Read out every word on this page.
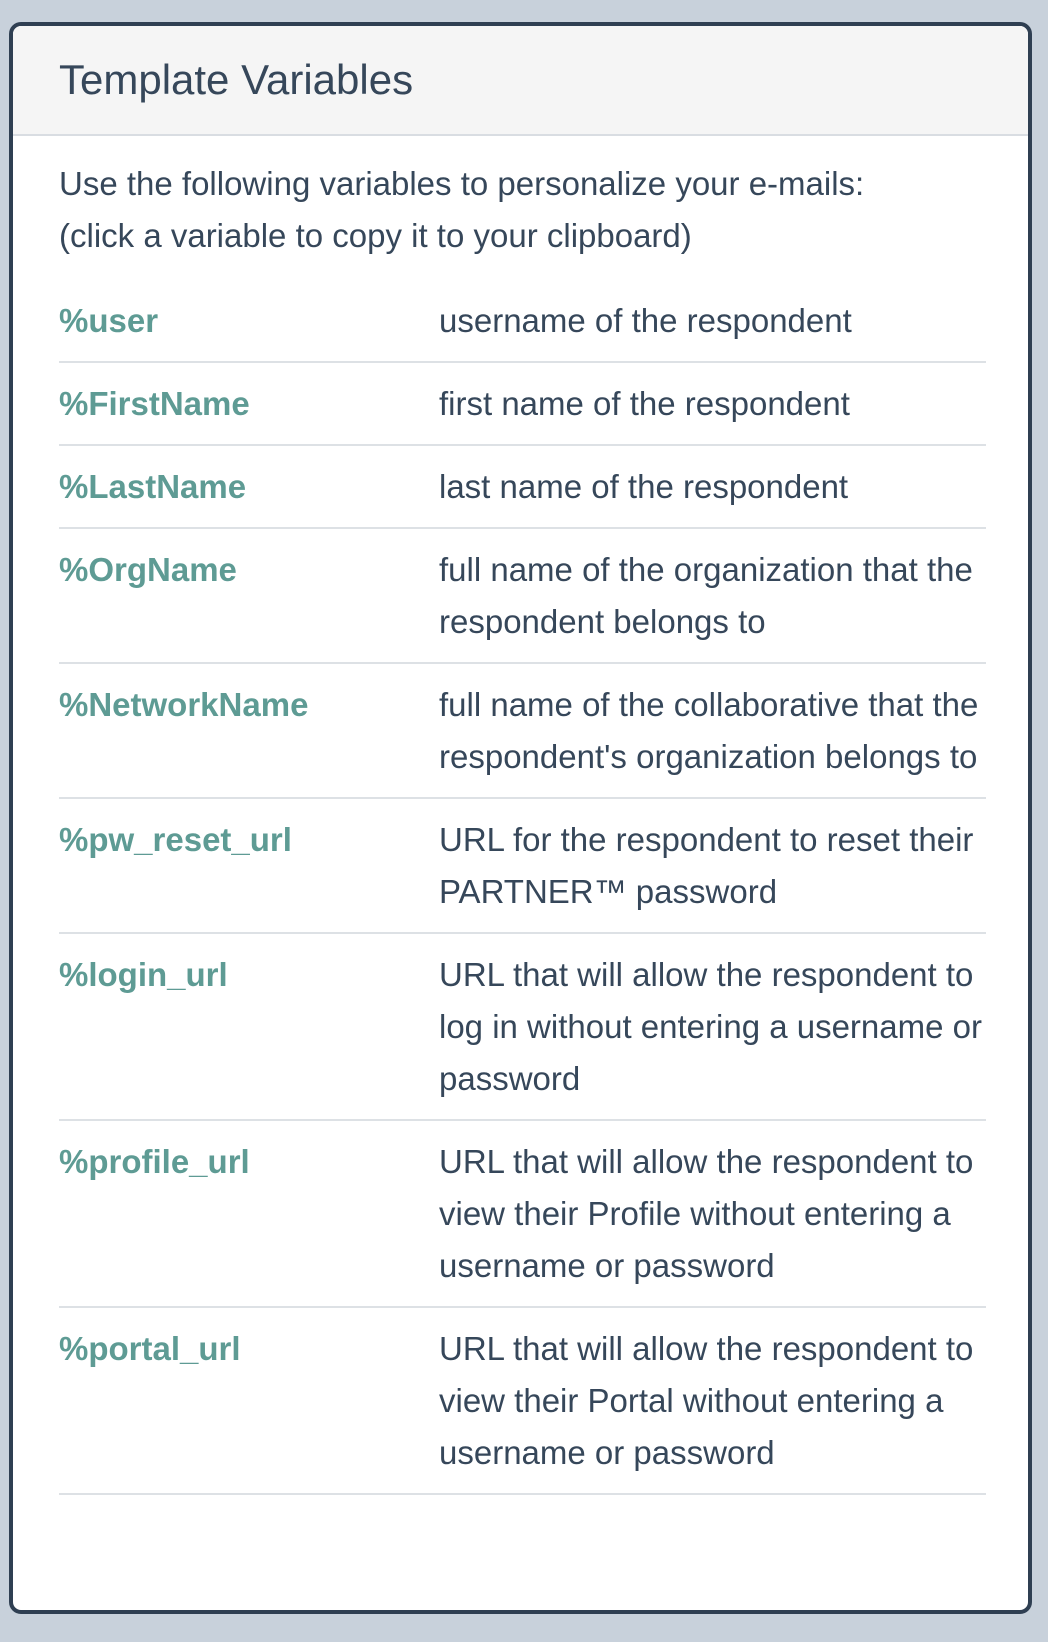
Template Variables

Use the following variables to personalize your e-mails:
(click a variable to copy it to your clipboard)

%user	username of the respondent

%FirstName	first name of the respondent

%LastName	last name of the respondent

%OrgName	full name of the organization that the respondent belongs to

%NetworkName	full name of the collaborative that the respondent's organization belongs to

%pw_reset_url	URL for the respondent to reset their PARTNER™ password

%login_url	URL that will allow the respondent to log in without entering a username or password

%profile_url	URL that will allow the respondent to view their Profile without entering a username or password

%portal_url	URL that will allow the respondent to view their Portal without entering a username or password
